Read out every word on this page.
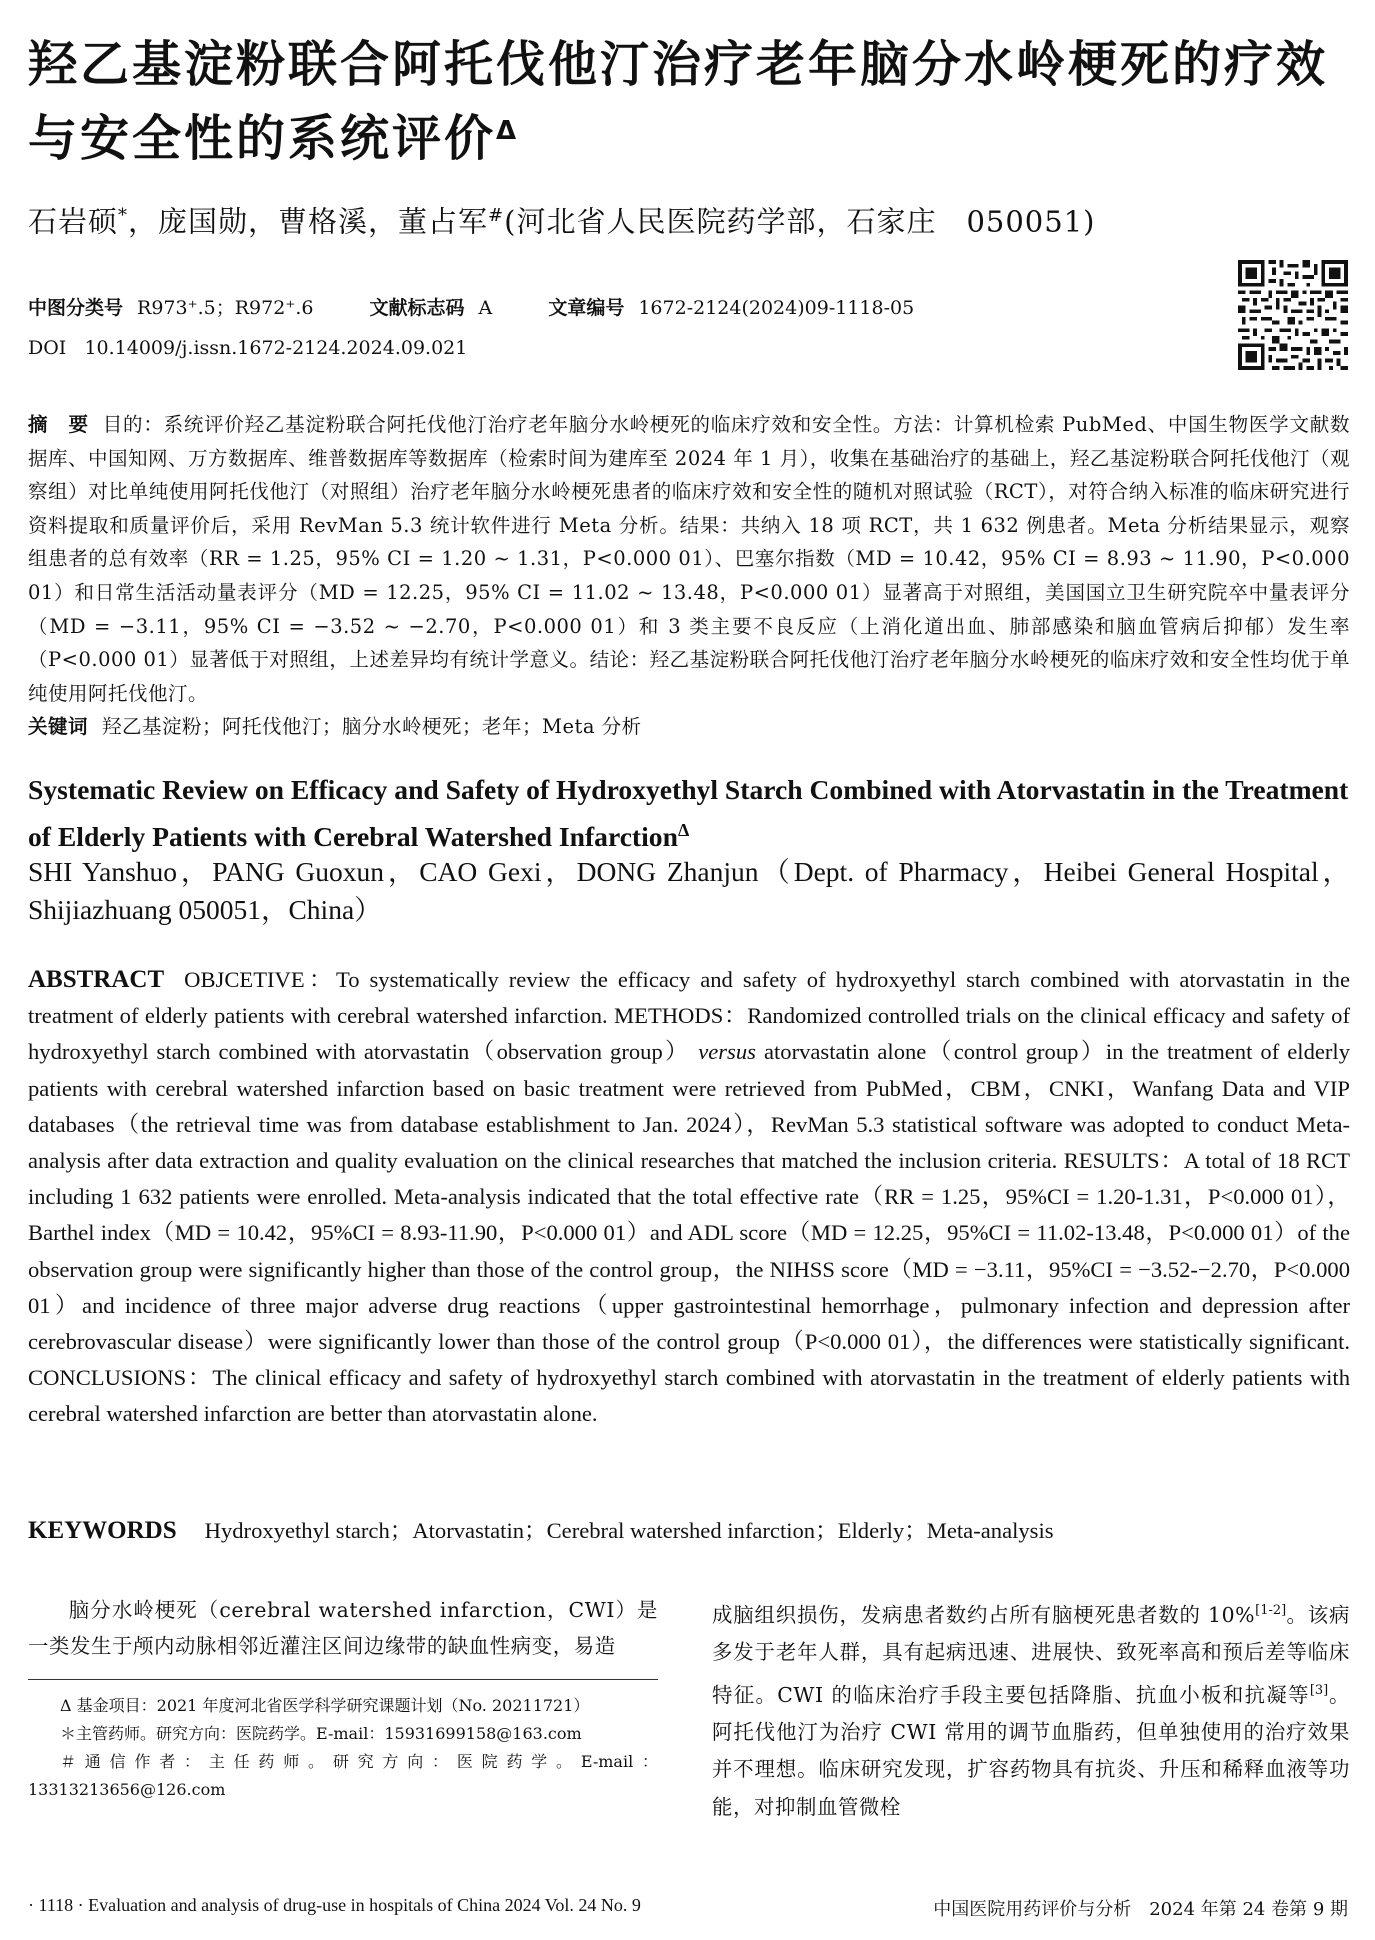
羟乙基淀粉联合阿托伐他汀治疗老年脑分水岭梗死的疗效与安全性的系统评价$^\Delta$
石岩硕*，庞国勋，曹格溪，董占军#(河北省人民医院药学部，石家庄　050051)
中图分类号 R973⁺.5；R972⁺.6	文献标志码 A	文章编号 1672-2124(2024)09-1118-05
DOI 10.14009/j.issn.1672-2124.2024.09.021
摘　要 目的：系统评价羟乙基淀粉联合阿托伐他汀治疗老年脑分水岭梗死的临床疗效和安全性。方法：计算机检索 PubMed、中国生物医学文献数据库、中国知网、万方数据库、维普数据库等数据库（检索时间为建库至 2024 年 1 月），收集在基础治疗的基础上，羟乙基淀粉联合阿托伐他汀（观察组）对比单纯使用阿托伐他汀（对照组）治疗老年脑分水岭梗死患者的临床疗效和安全性的随机对照试验（RCT），对符合纳入标准的临床研究进行资料提取和质量评价后，采用 RevMan 5.3 统计软件进行 Meta 分析。结果：共纳入 18 项 RCT，共 1 632 例患者。Meta 分析结果显示，观察组患者的总有效率（RR = 1.25，95% CI = 1.20 ~ 1.31，P<0.000 01）、巴塞尔指数（MD = 10.42，95% CI = 8.93 ~ 11.90，P<0.000 01）和日常生活活动量表评分（MD = 12.25，95% CI = 11.02 ~ 13.48，P<0.000 01）显著高于对照组，美国国立卫生研究院卒中量表评分（MD = −3.11，95% CI = −3.52 ~ −2.70，P<0.000 01）和 3 类主要不良反应（上消化道出血、肺部感染和脑血管病后抑郁）发生率（P<0.000 01）显著低于对照组，上述差异均有统计学意义。结论：羟乙基淀粉联合阿托伐他汀治疗老年脑分水岭梗死的临床疗效和安全性均优于单纯使用阿托伐他汀。
关键词 羟乙基淀粉；阿托伐他汀；脑分水岭梗死；老年；Meta 分析
Systematic Review on Efficacy and Safety of Hydroxyethyl Starch Combined with Atorvastatin in the Treatment of Elderly Patients with Cerebral Watershed Infarction$^\Delta$
SHI Yanshuo，PANG Guoxun，CAO Gexi，DONG Zhanjun（Dept. of Pharmacy，Heibei General Hospital，Shijiazhuang 050051，China）
ABSTRACT OBJCETIVE：To systematically review the efficacy and safety of hydroxyethyl starch combined with atorvastatin in the treatment of elderly patients with cerebral watershed infarction. METHODS：Randomized controlled trials on the clinical efficacy and safety of hydroxyethyl starch combined with atorvastatin（observation group） versus atorvastatin alone（control group）in the treatment of elderly patients with cerebral watershed infarction based on basic treatment were retrieved from PubMed，CBM，CNKI，Wanfang Data and VIP databases（the retrieval time was from database establishment to Jan. 2024），RevMan 5.3 statistical software was adopted to conduct Meta-analysis after data extraction and quality evaluation on the clinical researches that matched the inclusion criteria. RESULTS：A total of 18 RCT including 1 632 patients were enrolled. Meta-analysis indicated that the total effective rate（RR = 1.25，95%CI = 1.20-1.31，P<0.000 01），Barthel index（MD = 10.42，95%CI = 8.93-11.90，P<0.000 01）and ADL score（MD = 12.25，95%CI = 11.02-13.48，P<0.000 01）of the observation group were significantly higher than those of the control group，the NIHSS score（MD = −3.11，95%CI = −3.52-−2.70，P<0.000 01）and incidence of three major adverse drug reactions（upper gastrointestinal hemorrhage，pulmonary infection and depression after cerebrovascular disease）were significantly lower than those of the control group（P<0.000 01），the differences were statistically significant. CONCLUSIONS：The clinical efficacy and safety of hydroxyethyl starch combined with atorvastatin in the treatment of elderly patients with cerebral watershed infarction are better than atorvastatin alone.
KEYWORDS Hydroxyethyl starch；Atorvastatin；Cerebral watershed infarction；Elderly；Meta-analysis
脑分水岭梗死（cerebral watershed infarction，CWI）是一类发生于颅内动脉相邻近灌注区间边缘带的缺血性病变，易造

Δ 基金项目：2021 年度河北省医学科学研究课题计划（No. 20211721）

＊主管药师。研究方向：医院药学。E-mail：15931699158@163.com

＃通信作者：主任药师。研究方向：医院药学。E-mail：13313213656@126.com

成脑组织损伤，发病患者数约占所有脑梗死患者数的 10%[1-2]。该病多发于老年人群，具有起病迅速、进展快、致死率高和预后差等临床特征。CWI 的临床治疗手段主要包括降脂、抗血小板和抗凝等[3]。阿托伐他汀为治疗 CWI 常用的调节血脂药，但单独使用的治疗效果并不理想。临床研究发现，扩容药物具有抗炎、升压和稀释血液等功能，对抑制血管微栓
· 1118 · Evaluation and analysis of drug-use in hospitals of China 2024 Vol. 24 No. 9	中国医院用药评价与分析　2024 年第 24 卷第 9 期
